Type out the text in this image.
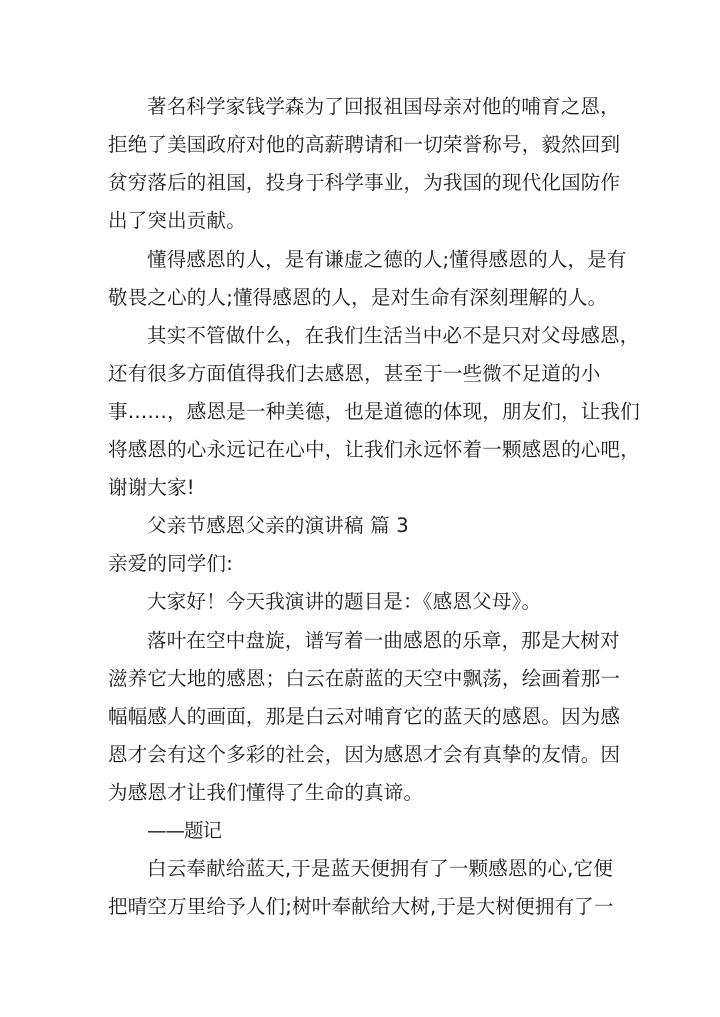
著名科学家钱学森为了回报祖国母亲对他的哺育之恩，
拒绝了美国政府对他的高薪聘请和一切荣誉称号，毅然回到
贫穷落后的祖国，投身于科学事业，为我国的现代化国防作
出了突出贡献。
懂得感恩的人，是有谦虚之德的人;懂得感恩的人，是有
敬畏之心的人;懂得感恩的人，是对生命有深刻理解的人。
其实不管做什么，在我们生活当中必不是只对父母感恩，
还有很多方面值得我们去感恩，甚至于一些微不足道的小
事……，感恩是一种美德，也是道德的体现，朋友们，让我们
将感恩的心永远记在心中，让我们永远怀着一颗感恩的心吧，
谢谢大家!
父亲节感恩父亲的演讲稿 篇 3
亲爱的同学们:
大家好！今天我演讲的题目是：《感恩父母》。
落叶在空中盘旋，谱写着一曲感恩的乐章，那是大树对
滋养它大地的感恩；白云在蔚蓝的天空中飘荡，绘画着那一
幅幅感人的画面，那是白云对哺育它的蓝天的感恩。因为感
恩才会有这个多彩的社会，因为感恩才会有真挚的友情。因
为感恩才让我们懂得了生命的真谛。
——题记
白云奉献给蓝天,于是蓝天便拥有了一颗感恩的心,它便
把晴空万里给予人们;树叶奉献给大树,于是大树便拥有了一
